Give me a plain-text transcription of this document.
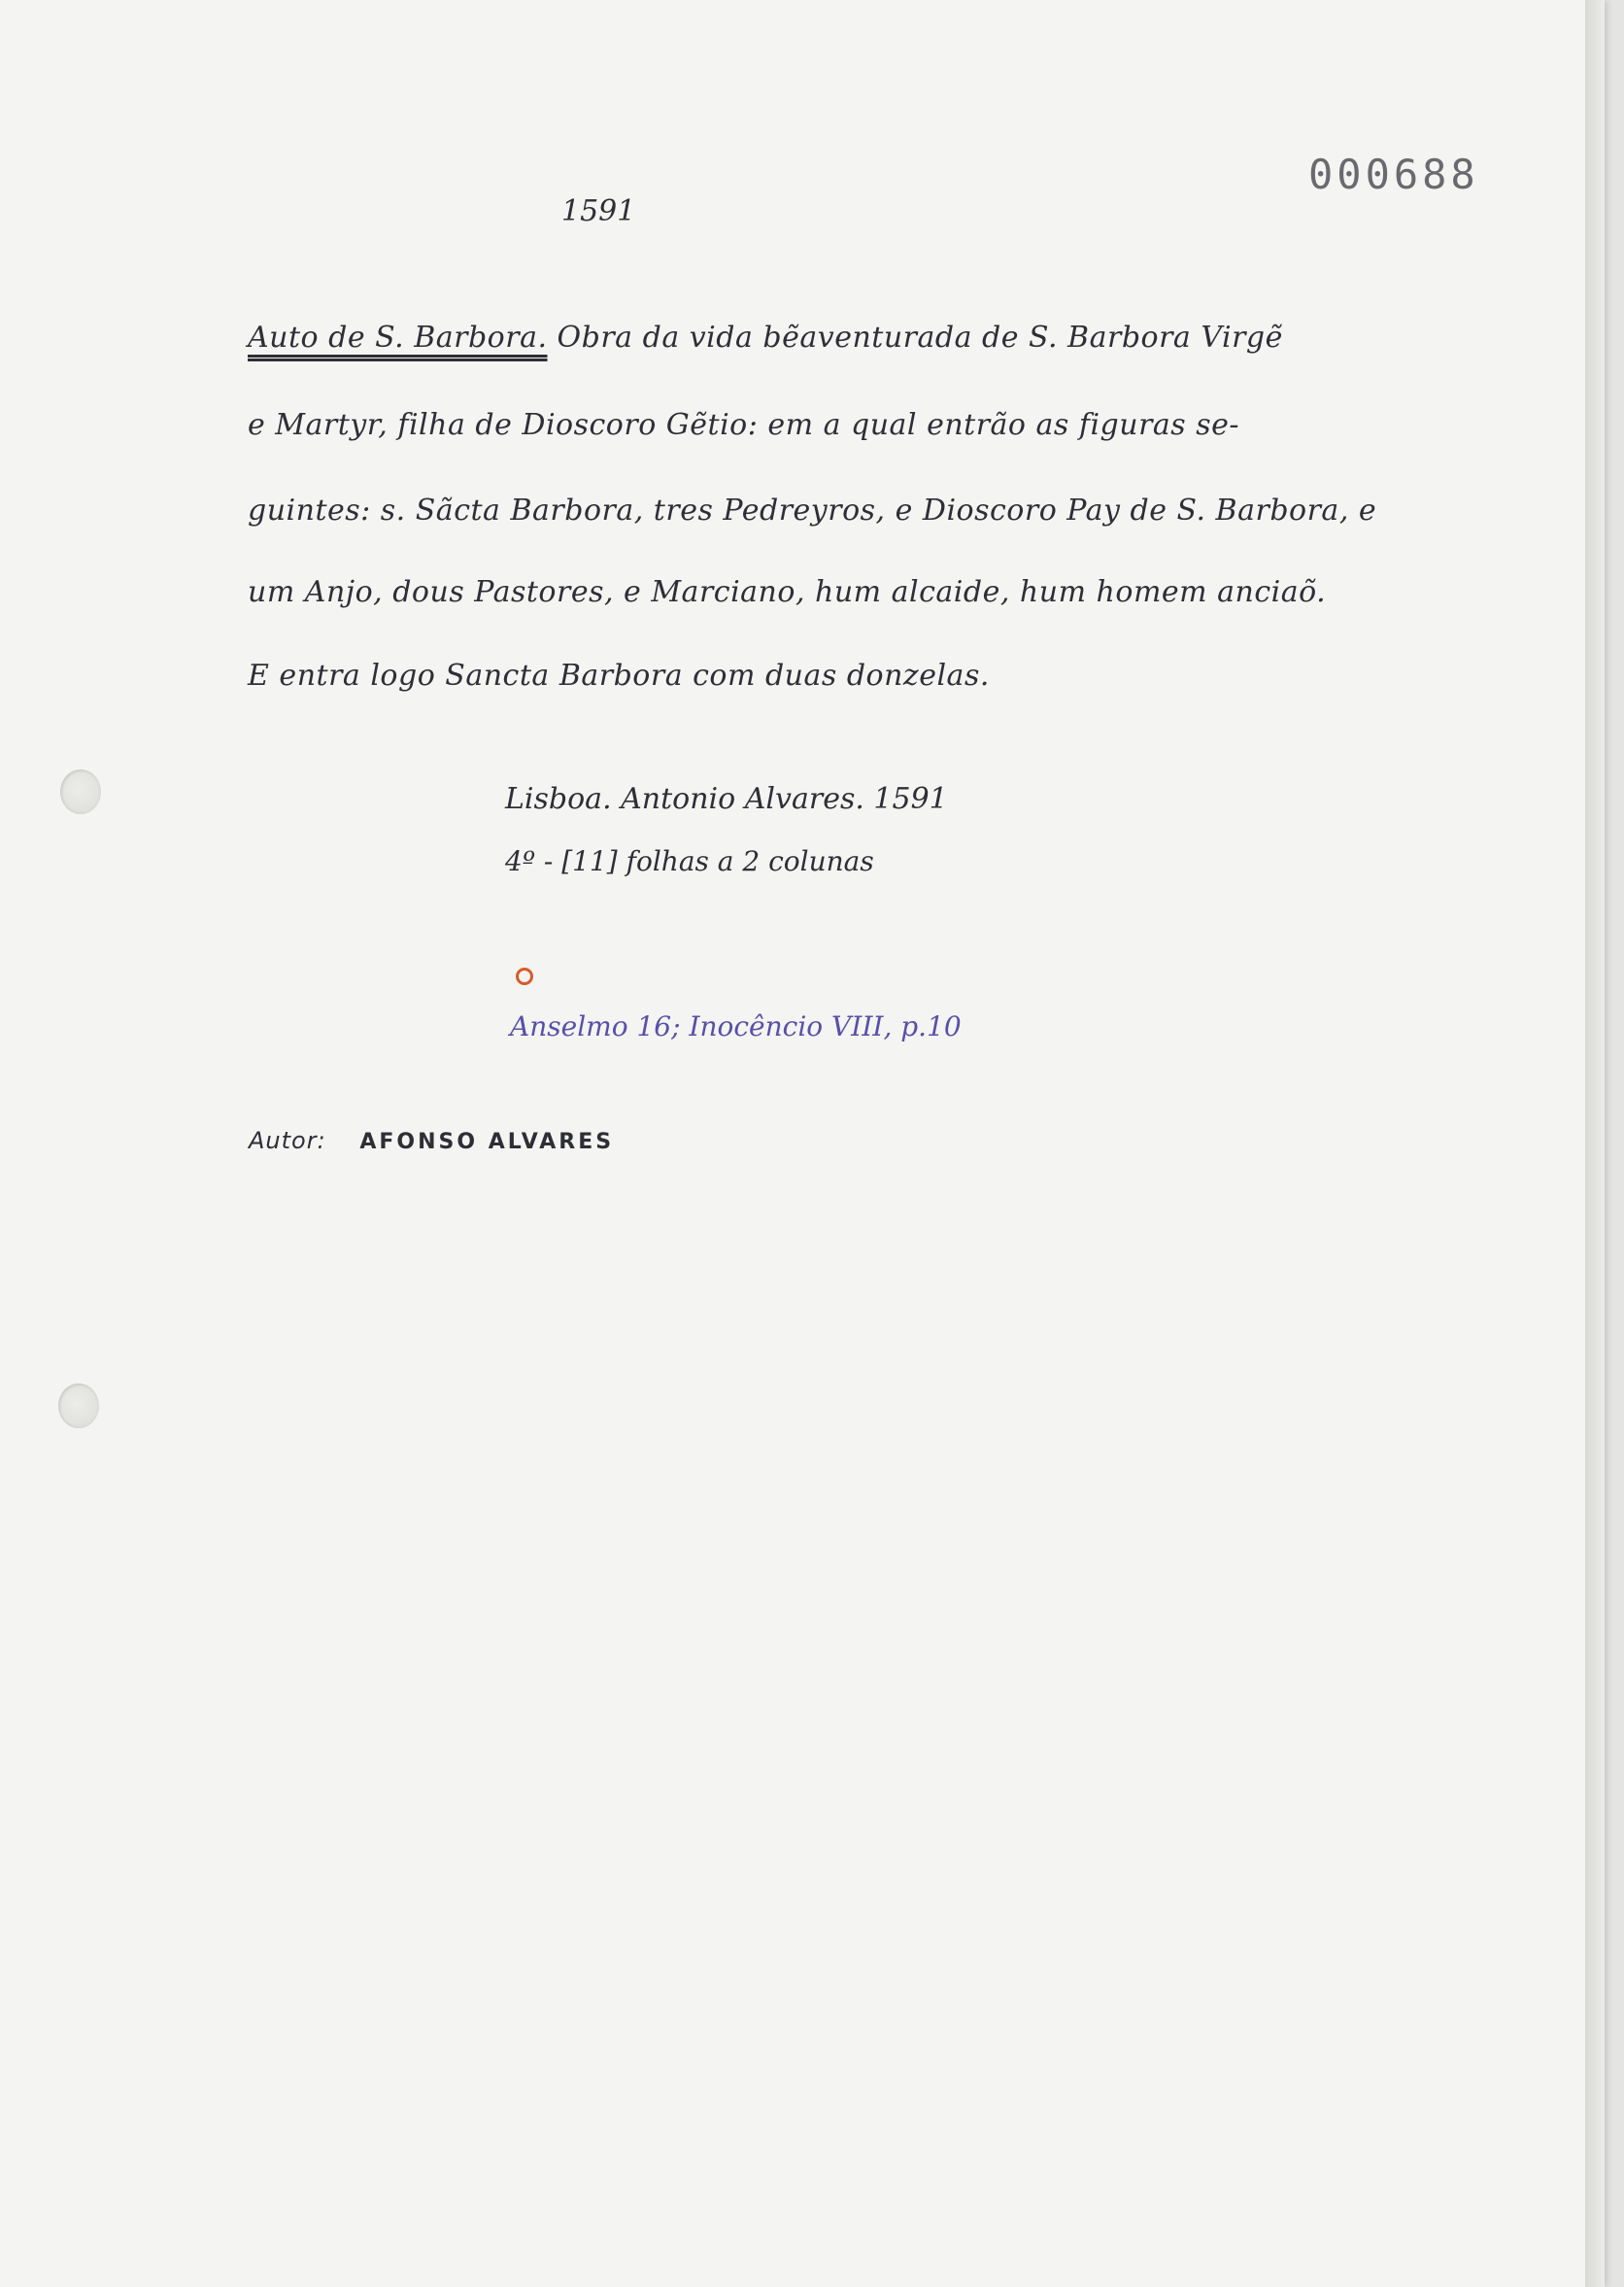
000688
1591
Auto de S. Barbora. Obra da vida bẽaventurada de S. Barbora Virgẽ
e Martyr, filha de Dioscoro Gẽtio: em a qual entrão as figuras se-
guintes: s. Sãcta Barbora, tres Pedreyros, e Dioscoro Pay de S. Barbora, e
um Anjo, dous Pastores, e Marciano, hum alcaide, hum homem anciaõ.
E entra logo Sancta Barbora com duas donzelas.
Lisboa. Antonio Alvares. 1591
4º - [11] folhas a 2 colunas
Anselmo 16; Inocêncio VIII, p.10
Autor: AFONSO ALVARES
